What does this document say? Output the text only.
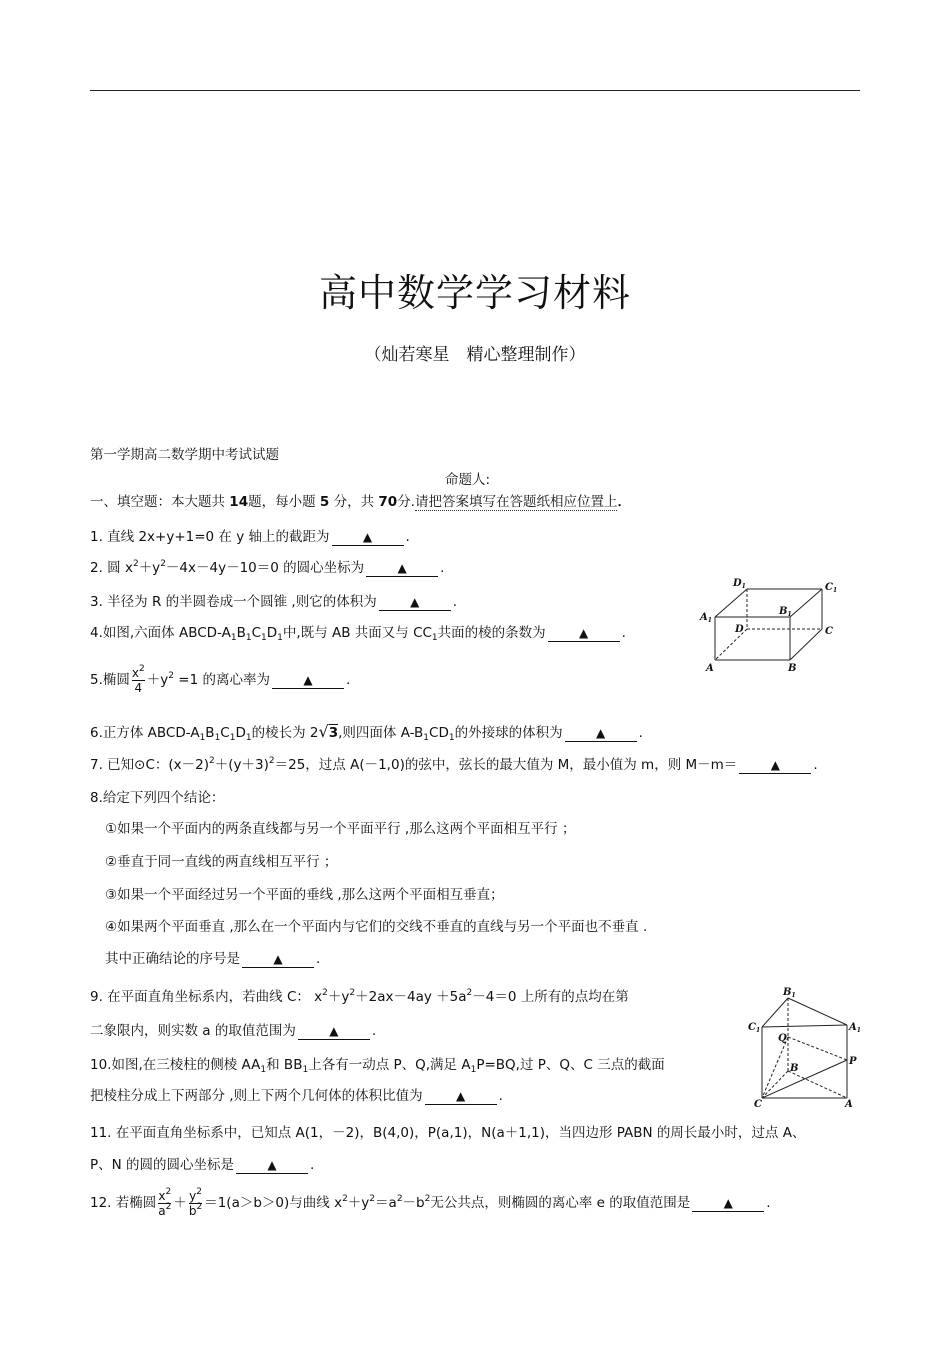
高中数学学习材料
（灿若寒星　精心整理制作）
第一学期高二数学期中考试试题
命题人:
一、填空题：本大题共 14题，每小题 5 分，共 70分.请把答案填写在答题纸相应位置上．
1. 直线 2x+y+1=0 在 y 轴上的截距为	▲ .
2. 圆 $x^2+y^2-4x-4y-10=0$ 的圆心坐标为	▲ .
3. 半径为 R 的半圆卷成一个圆锥 ,则它的体积为	▲ .
4.如图,六面体 ABCD-$A_1B_1C_1D_1$中,既与 AB 共面又与 $CC_1$共面的棱的条数为	▲ .
5.椭圆 $\frac{x^2}{4} +y^2 =1$ 的离心率为	▲ .
6.正方体 ABCD-$A_1B_1C_1D_1$的棱长为 2√3,则四面体 $A-B_1CD_1$的外接球的体积为	▲ .
7. 已知⊙C：$(x-2)^2+(y+3)^2=25$，过点 A(－1,0)的弦中，弦长的最大值为 M，最小值为 m，则 M－m＝	▲ .
8.给定下列四个结论：
①如果一个平面内的两条直线都与另一个平面平行 ,那么这两个平面相互平行 ；
②垂直于同一直线的两直线相互平行 ；
③如果一个平面经过另一个平面的垂线 ,那么这两个平面相互垂直；
④如果两个平面垂直 ,那么在一个平面内与它们的交线不垂直的直线与另一个平面也不垂直 .
其中正确结论的序号是	▲ .
9. 在平面直角坐标系内，若曲线 C： $x^2+y^2+2ax-4ay +5a^2-4=0$ 上所有的点均在第
二象限内，则实数 a 的取值范围为	▲ .
10.如图,在三棱柱的侧棱 $AA_1$和 $BB_1$上各有一动点 P、Q,满足 $A_1P=BQ$,过 P、Q、C 三点的截面
把棱柱分成上下两部分 ,则上下两个几何体的体积比值为	▲ .
11. 在平面直角坐标系中，已知点 A(1，－2)，B(4,0)，P(a,1)，N(a＋1,1)，当四边形 PABN 的周长最小时，过点 A、
P、N 的圆的圆心坐标是	▲ .
12. 若椭圆 $\frac{x^2}{a^2} + \frac{y^2}{b^2} =1(a>b>0)$与曲线 $x^2+y^2=a^2-b^2$无公共点，则椭圆的离心率 e 的取值范围是	▲ .
$D_1$	$C_1$
$A_1$
$B_1$
D	C
A	B
$B_1$
$C_1$	$A_1$
Q
B
P
C	A
